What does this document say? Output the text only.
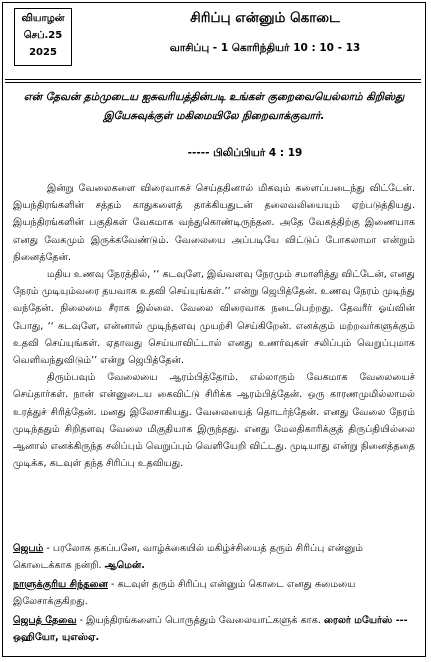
வியாழன்
செப்.25
2025
சிரிப்பு என்னும் கொடை
வாசிப்பு - 1 கொரிந்தியர் 10 : 10 - 13
என் தேவன் தம்முடைய ஐசுவரியத்தின்படி உங்கள் குறைவையெல்லாம் கிறிஸ்து இயேசுவுக்குள் மகிமையிலே நிறைவாக்குவார்.
----- பிலிப்பியர் 4 : 19

இன்று வேலைகளை விரைவாகச் செய்ததினால் மிகவும் களைப்படைந்து விட்டேன். இயந்திரங்களின் சத்தம் காதுகளைத் தாக்கியதுடன் தலைவலியையும் ஏற்படுத்தியது. இயந்திரங்களின் பகுதிகள் வேகமாக வந்துகொண்டிருந்தன. அதே வேகத்திற்கு இணையாக எனது வேகமும் இருக்கவேண்டும். வேலையை அப்படியே விட்டுப் போகலாமா என்றும் நினைத்தேன்.

மதிய உணவு நேரத்தில், ‘‘ கடவுளே, இவ்வளவு நேரமும் சமாளித்து விட்டேன், எனது நேரம் முடியும்வரை தயவாக உதவி செய்யுங்கள்.’’ என்று ஜெபித்தேன். உணவு நேரம் முடிந்து வந்தேன். நிலைமை சீராக இல்லை. வேலை விரைவாக நடைபெற்றது. தேவரீர் ஓய்வின் போது, ‘‘ கடவுளே, என்னால் முடிந்தளவு முயற்சி செய்கிறேன். எனக்கும் மற்றவர்களுக்கும் உதவி செய்யுங்கள். ஏதாவது செய்யாவிட்டால் எனது உணர்வுகள் சலிப்பும் வெறுப்புமாக வெளிவந்துவிடும்’’ என்று ஜெபித்தேன்.

திரும்பவும் வேலையை ஆரம்பித்தோம். எல்லாரும் வேகமாக வேலையைச் செய்தார்கள். நான் என்னுடைய கைவிட்டு சிரிக்க ஆரம்பித்தேன். ஒரு காரணமுமில்லாமல் உரத்துச் சிரித்தேன். மனது இலேசாகியது. வேலையைத் தொடர்ந்தேன். எனது வேலை நேரம் முடிந்ததும் சிறிதளவு வேலை மிகுதியாக இருந்தது. எனது மேலதிகாரிக்குத் திருப்தியில்லை ஆனால் எனக்கிருந்த சலிப்பும் வெறுப்பும் வெளியேறி விட்டது. முடியாது என்று நினைத்ததை முடிக்க, கடவுள் தந்த சிரிப்பு உதவியது.

ஜெபம் - பரலோக தகப்பனே, வாழ்க்கையில் மகிழ்ச்சியைத் தரும் சிரிப்பு என்னும் கொடைக்காக நன்றி. ஆமென்.

நாளுக்குரிய சிந்தனை - கடவுள் தரும் சிரிப்பு என்னும் கொடை எனது சுமையை இலேசாக்குகிறது.

ஜெபத் தேவை - இயந்திரங்களைப் பொருத்தும் வேலையாட்களுக் காக. ரைலர் மயேர்ஸ் --- ஒஹியோ, யுஎஸ்ஏ.
